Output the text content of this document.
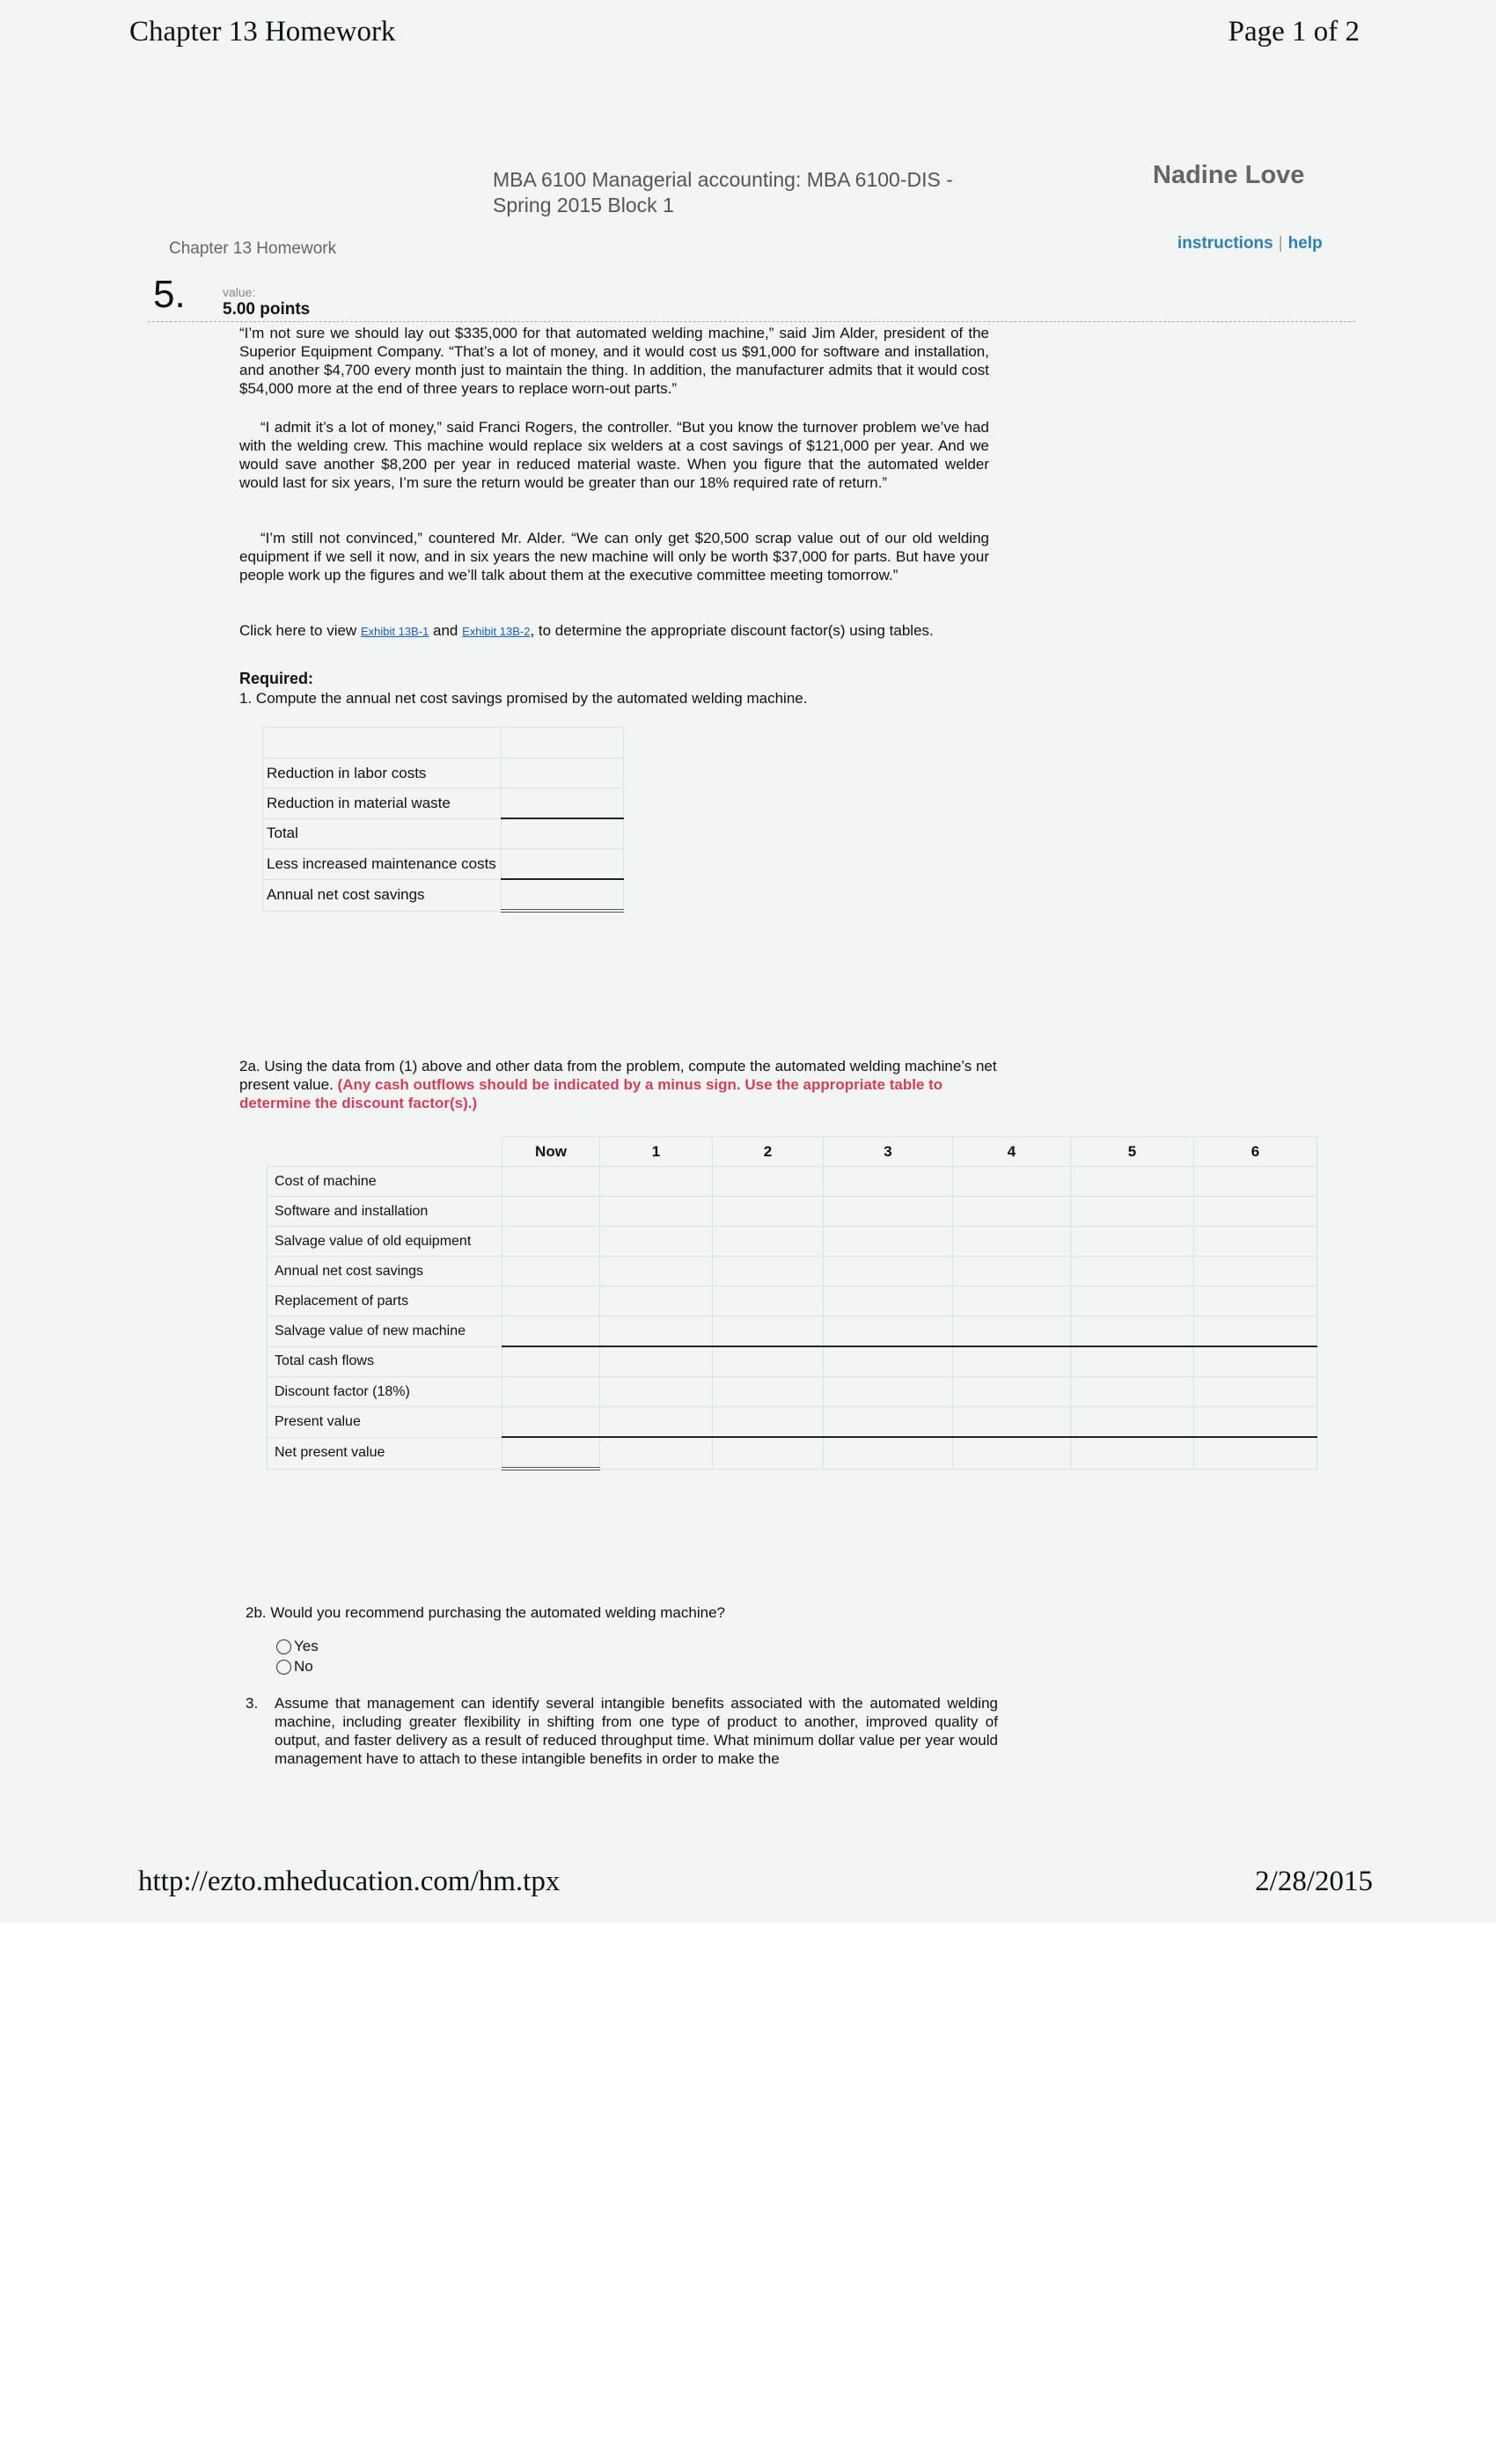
Chapter 13 Homework	Page 1 of 2
MBA 6100 Managerial accounting: MBA 6100-DIS - Spring 2015 Block 1
Nadine Love
Chapter 13 Homework	instructions | help
5.	value:
5.00 points
“I’m not sure we should lay out $335,000 for that automated welding machine,” said Jim Alder, president of the Superior Equipment Company. “That’s a lot of money, and it would cost us $91,000 for software and installation, and another $4,700 every month just to maintain the thing. In addition, the manufacturer admits that it would cost $54,000 more at the end of three years to replace worn-out parts.”
“I admit it’s a lot of money,” said Franci Rogers, the controller. “But you know the turnover problem we’ve had with the welding crew. This machine would replace six welders at a cost savings of $121,000 per year. And we would save another $8,200 per year in reduced material waste. When you figure that the automated welder would last for six years, I’m sure the return would be greater than our 18% required rate of return.”
“I’m still not convinced,” countered Mr. Alder. “We can only get $20,500 scrap value out of our old welding equipment if we sell it now, and in six years the new machine will only be worth $37,000 for parts. But have your people work up the figures and we’ll talk about them at the executive committee meeting tomorrow.”
Click here to view Exhibit 13B-1 and Exhibit 13B-2, to determine the appropriate discount factor(s) using tables.
Required:
1. Compute the annual net cost savings promised by the automated welding machine.

Reduction in labor costs	
Reduction in material waste	
Total	
Less increased maintenance costs	
Annual net cost savings	
2a. Using the data from (1) above and other data from the problem, compute the automated welding machine’s net present value. (Any cash outflows should be indicated by a minus sign. Use the appropriate table to determine the discount factor(s).)
	Now	1	2	3	4	5	6
Cost of machine							
Software and installation							
Salvage value of old equipment							
Annual net cost savings							
Replacement of parts							
Salvage value of new machine							
Total cash flows							
Discount factor (18%)							
Present value							
Net present value							
2b. Would you recommend purchasing the automated welding machine?
Yes
No
3. Assume that management can identify several intangible benefits associated with the automated welding machine, including greater flexibility in shifting from one type of product to another, improved quality of output, and faster delivery as a result of reduced throughput time. What minimum dollar value per year would management have to attach to these intangible benefits in order to make the
http://ezto.mheducation.com/hm.tpx	2/28/2015
